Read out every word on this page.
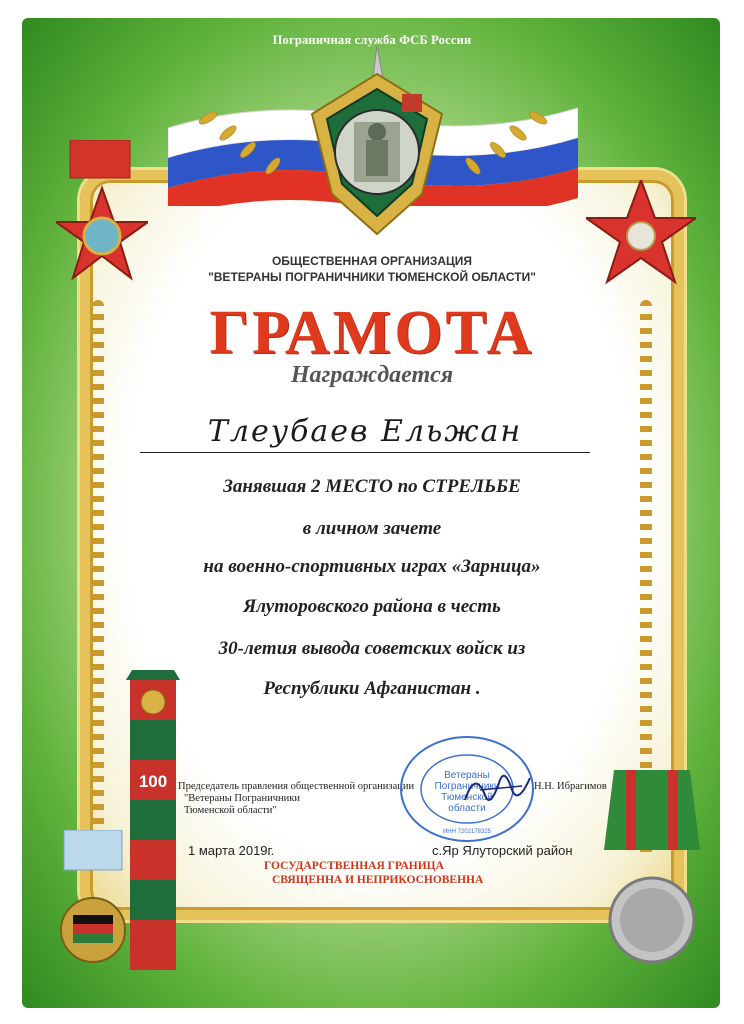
Пограничная служба ФСБ России
ОБЩЕСТВЕННАЯ ОРГАНИЗАЦИЯ
"ВЕТЕРАНЫ ПОГРАНИЧНИКИ ТЮМЕНСКОЙ ОБЛАСТИ"
ГРАМОТА
Награждается
Тлеубаев Ельжан
Занявшая 2 МЕСТО по СТРЕЛЬБЕ
в личном зачете
на военно-спортивных играх «Зарница»
Ялуторовского района в честь
30-летия вывода советских войск из
Республики Афганистан .
100 Председатель правления общественной организации
"Ветераны Пограничники
Тюменской области"
Н.Н. Ибрагимов
Ветераны
Пограничники
Тюменской
области
ИНН 7202178325
1 марта 2019г.	с.Яр Ялуторский район
ГОСУДАРСТВЕННАЯ ГРАНИЦА
СВЯЩЕННА И НЕПРИКОСНОВЕННА
